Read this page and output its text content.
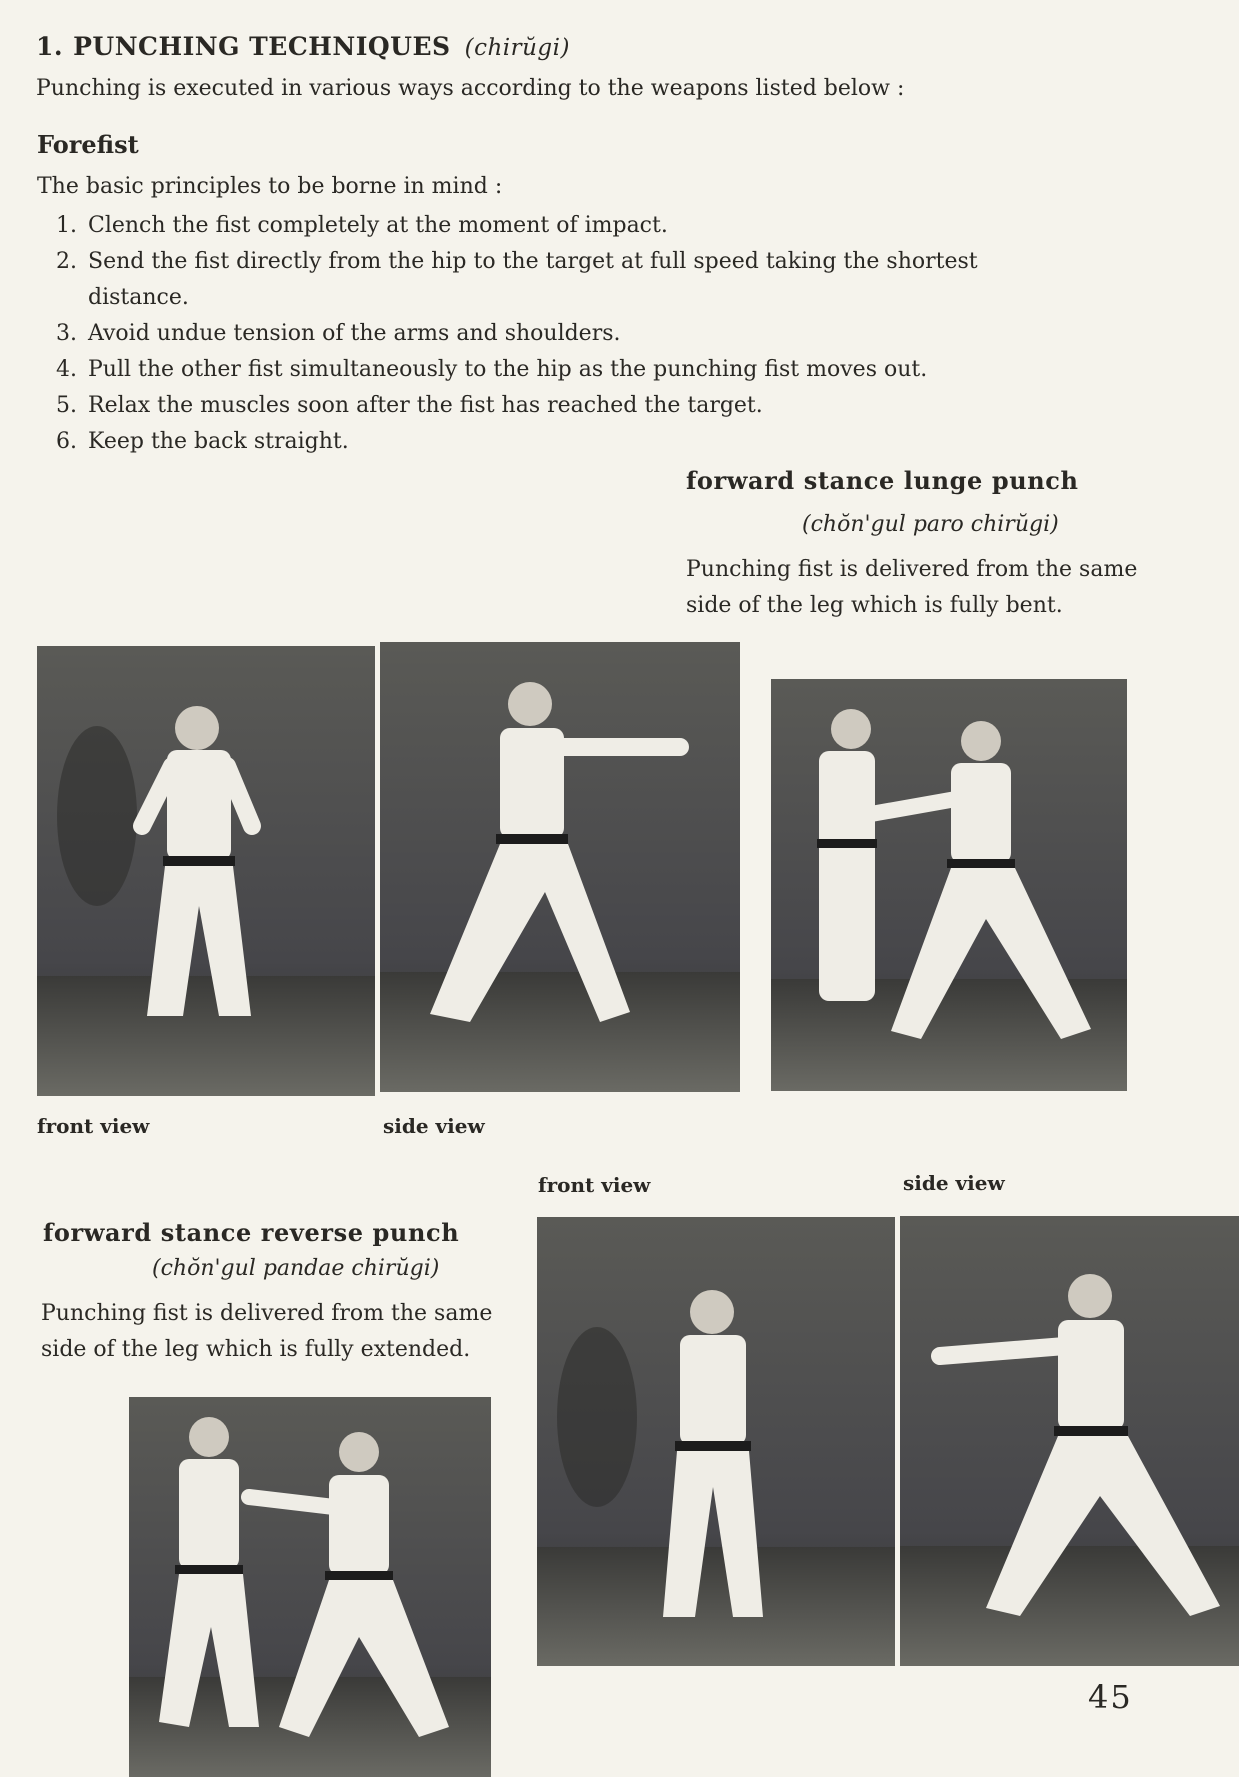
1. PUNCHING TECHNIQUES (chirŭgi)
Punching is executed in various ways according to the weapons listed below :
Forefist
The basic principles to be borne in mind :
1. Clench the fist completely at the moment of impact.
2. Send the fist directly from the hip to the target at full speed taking the shortest distance.
3. Avoid undue tension of the arms and shoulders.
4. Pull the other fist simultaneously to the hip as the punching fist moves out.
5. Relax the muscles soon after the fist has reached the target.
6. Keep the back straight.
forward stance lunge punch
(chŏn'gul paro chirŭgi)
Punching fist is delivered from the same side of the leg which is fully bent.
front view	side view
front view	side view
forward stance reverse punch
(chŏn'gul pandae chirŭgi)
Punching fist is delivered from the same side of the leg which is fully extended.
45
